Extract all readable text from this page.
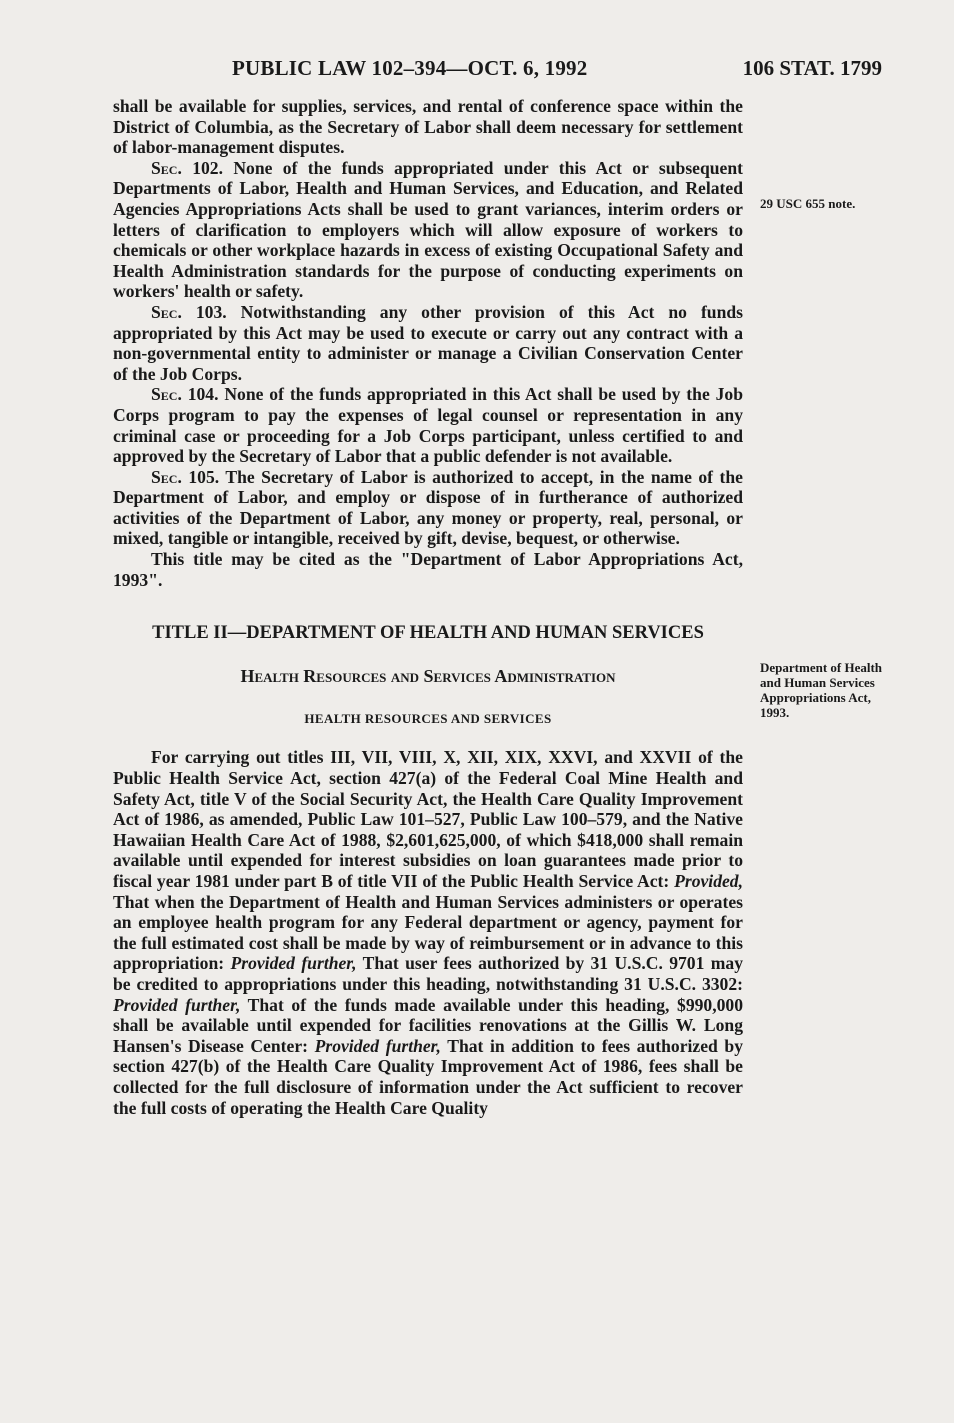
PUBLIC LAW 102–394—OCT. 6, 1992	106 STAT. 1799
29 USC 655 note.
Department of Health and Human Services Appropriations Act, 1993.

shall be available for supplies, services, and rental of conference space within the District of Columbia, as the Secretary of Labor shall deem necessary for settlement of labor-management disputes.

Sec. 102. None of the funds appropriated under this Act or subsequent Departments of Labor, Health and Human Services, and Education, and Related Agencies Appropriations Acts shall be used to grant variances, interim orders or letters of clarification to employers which will allow exposure of workers to chemicals or other workplace hazards in excess of existing Occupational Safety and Health Administration standards for the purpose of conducting experiments on workers' health or safety.

Sec. 103. Notwithstanding any other provision of this Act no funds appropriated by this Act may be used to execute or carry out any contract with a non-governmental entity to administer or manage a Civilian Conservation Center of the Job Corps.

Sec. 104. None of the funds appropriated in this Act shall be used by the Job Corps program to pay the expenses of legal counsel or representation in any criminal case or proceeding for a Job Corps participant, unless certified to and approved by the Secretary of Labor that a public defender is not available.

Sec. 105. The Secretary of Labor is authorized to accept, in the name of the Department of Labor, and employ or dispose of in furtherance of authorized activities of the Department of Labor, any money or property, real, personal, or mixed, tangible or intangible, received by gift, devise, bequest, or otherwise.

This title may be cited as the "Department of Labor Appropriations Act, 1993".

TITLE II—DEPARTMENT OF HEALTH AND HUMAN SERVICES

Health Resources and Services Administration

HEALTH RESOURCES AND SERVICES

For carrying out titles III, VII, VIII, X, XII, XIX, XXVI, and XXVII of the Public Health Service Act, section 427(a) of the Federal Coal Mine Health and Safety Act, title V of the Social Security Act, the Health Care Quality Improvement Act of 1986, as amended, Public Law 101–527, Public Law 100–579, and the Native Hawaiian Health Care Act of 1988, $2,601,625,000, of which $418,000 shall remain available until expended for interest subsidies on loan guarantees made prior to fiscal year 1981 under part B of title VII of the Public Health Service Act: Provided, That when the Department of Health and Human Services administers or operates an employee health program for any Federal department or agency, payment for the full estimated cost shall be made by way of reimbursement or in advance to this appropriation: Provided further, That user fees authorized by 31 U.S.C. 9701 may be credited to appropriations under this heading, notwithstanding 31 U.S.C. 3302: Provided further, That of the funds made available under this heading, $990,000 shall be available until expended for facilities renovations at the Gillis W. Long Hansen's Disease Center: Provided further, That in addition to fees authorized by section 427(b) of the Health Care Quality Improvement Act of 1986, fees shall be collected for the full disclosure of information under the Act sufficient to recover the full costs of operating the Health Care Quality
